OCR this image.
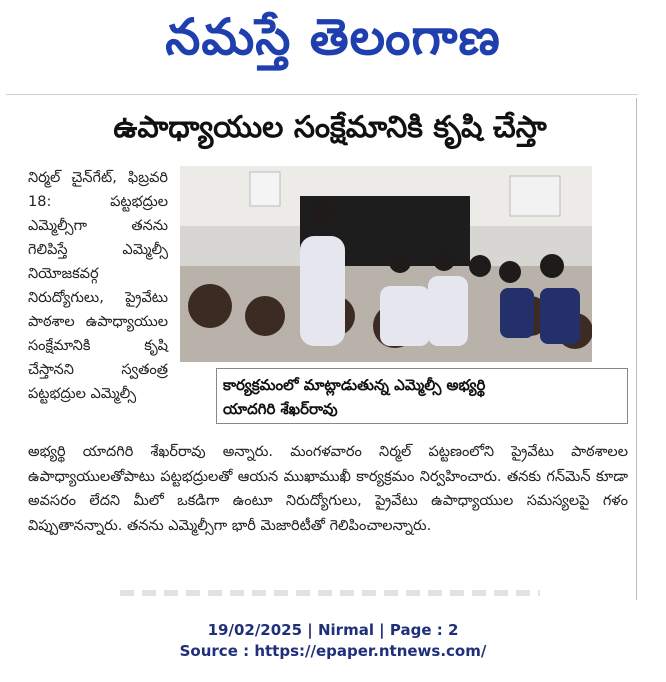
నమస్తే తెలంగాణ
ఉపాధ్యాయుల సంక్షేమానికి కృషి చేస్తా
నిర్మల్ చైన్‌గేట్, ఫిబ్రవరి 18: పట్టభద్రుల ఎమ్మెల్సీగా తనను గెలిపిస్తే ఎమ్మెల్సీ నియోజకవర్గ నిరుద్యోగులు, ప్రైవేటు పాఠశాల ఉపాధ్యాయుల సంక్షేమానికి కృషి చేస్తానని స్వతంత్ర పట్టభద్రుల ఎమ్మెల్సీ	కార్యక్రమంలో మాట్లాడుతున్న ఎమ్మెల్సీ అభ్యర్థి
యాదగిరి శేఖర్‌రావు
అభ్యర్థి యాదగిరి శేఖర్‌రావు అన్నారు. మంగళవారం నిర్మల్ పట్టణంలోని ప్రైవేటు పాఠశాలల ఉపాధ్యాయులతోపాటు పట్టభద్రులతో ఆయన ముఖాముఖీ కార్యక్రమం నిర్వహించారు. తనకు గన్‌మెన్ కూడా అవసరం లేదని మీలో ఒకడిగా ఉంటూ నిరుద్యోగులు, ప్రైవేటు ఉపాధ్యాయుల సమస్యలపై గళం విప్పుతానన్నారు. తనను ఎమ్మెల్సీగా భారీ మెజారిటీతో గెలిపించాలన్నారు.
19/02/2025 | Nirmal | Page : 2
Source : https://epaper.ntnews.com/
